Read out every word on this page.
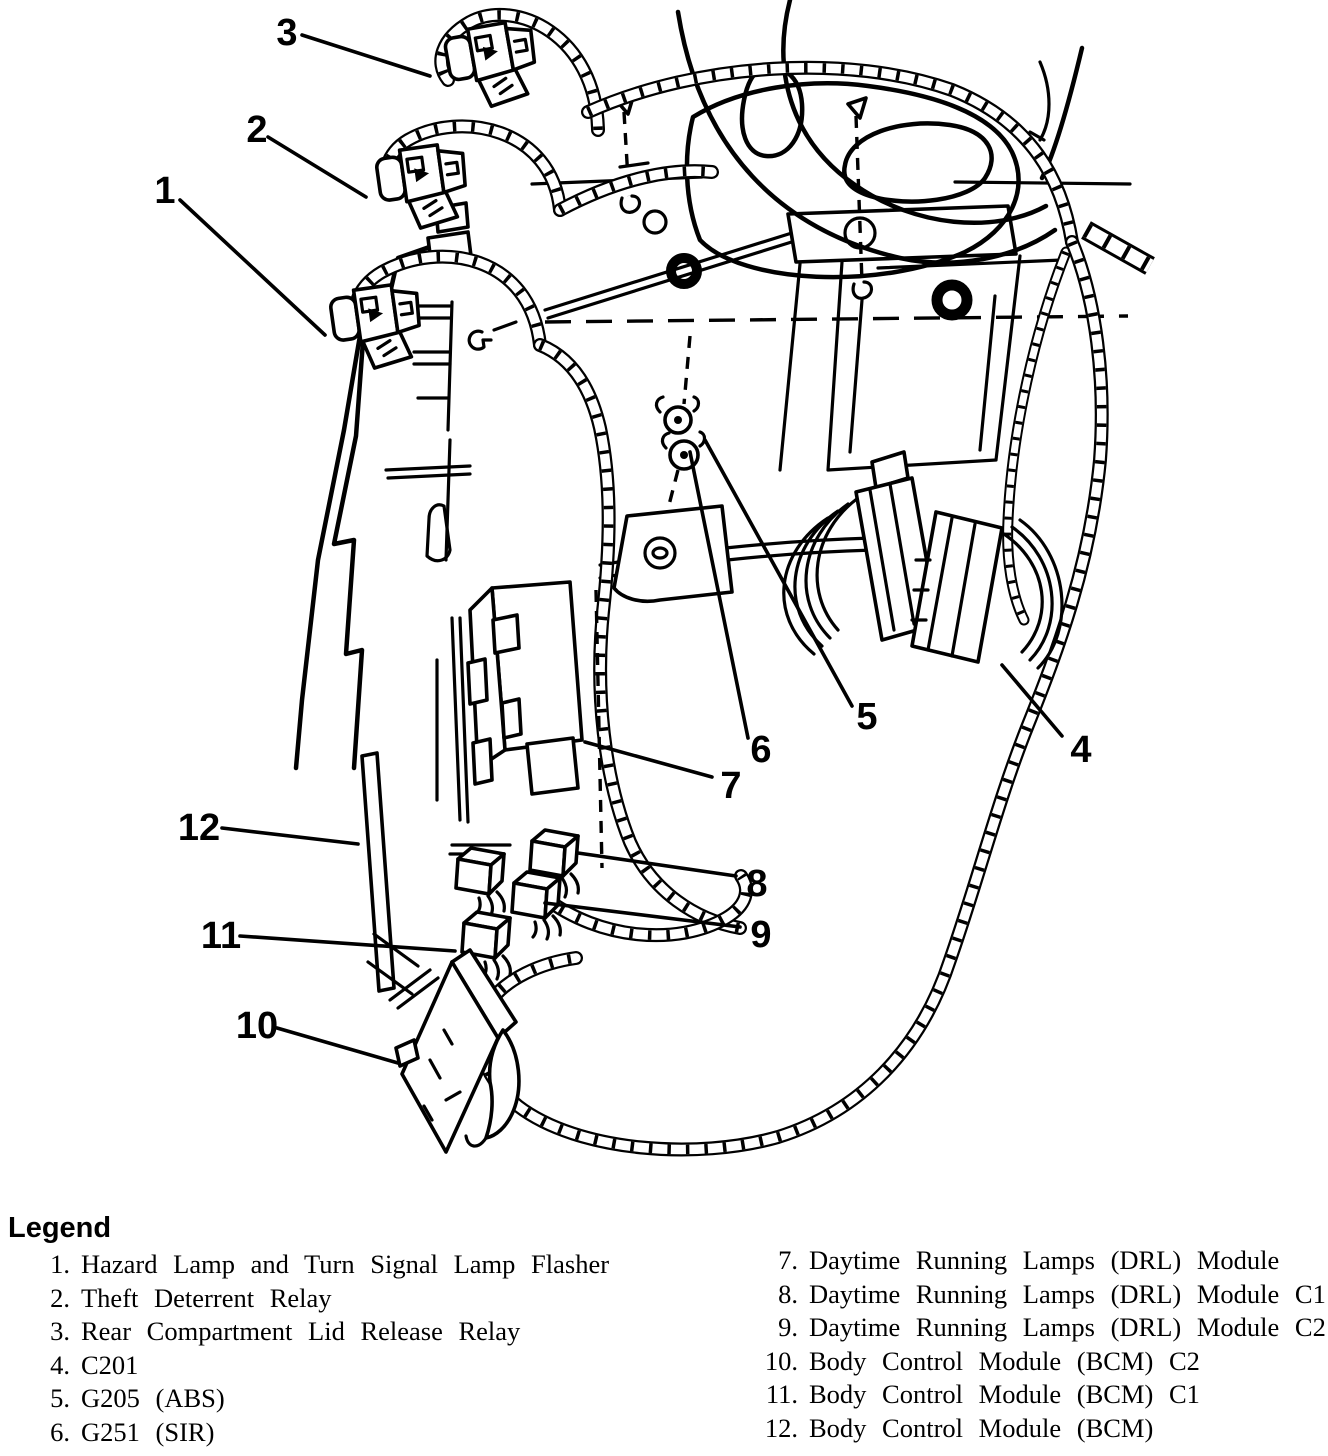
1
2
3
4
5
6
7
8
9
10
11
12
Legend
1. Hazard Lamp and Turn Signal Lamp Flasher
2. Theft Deterrent Relay
3. Rear Compartment Lid Release Relay
4. C201
5. G205 (ABS)
6. G251 (SIR)
7. Daytime Running Lamps (DRL) Module
8. Daytime Running Lamps (DRL) Module C1
9. Daytime Running Lamps (DRL) Module C2
10. Body Control Module (BCM) C2
11. Body Control Module (BCM) C1
12. Body Control Module (BCM)
